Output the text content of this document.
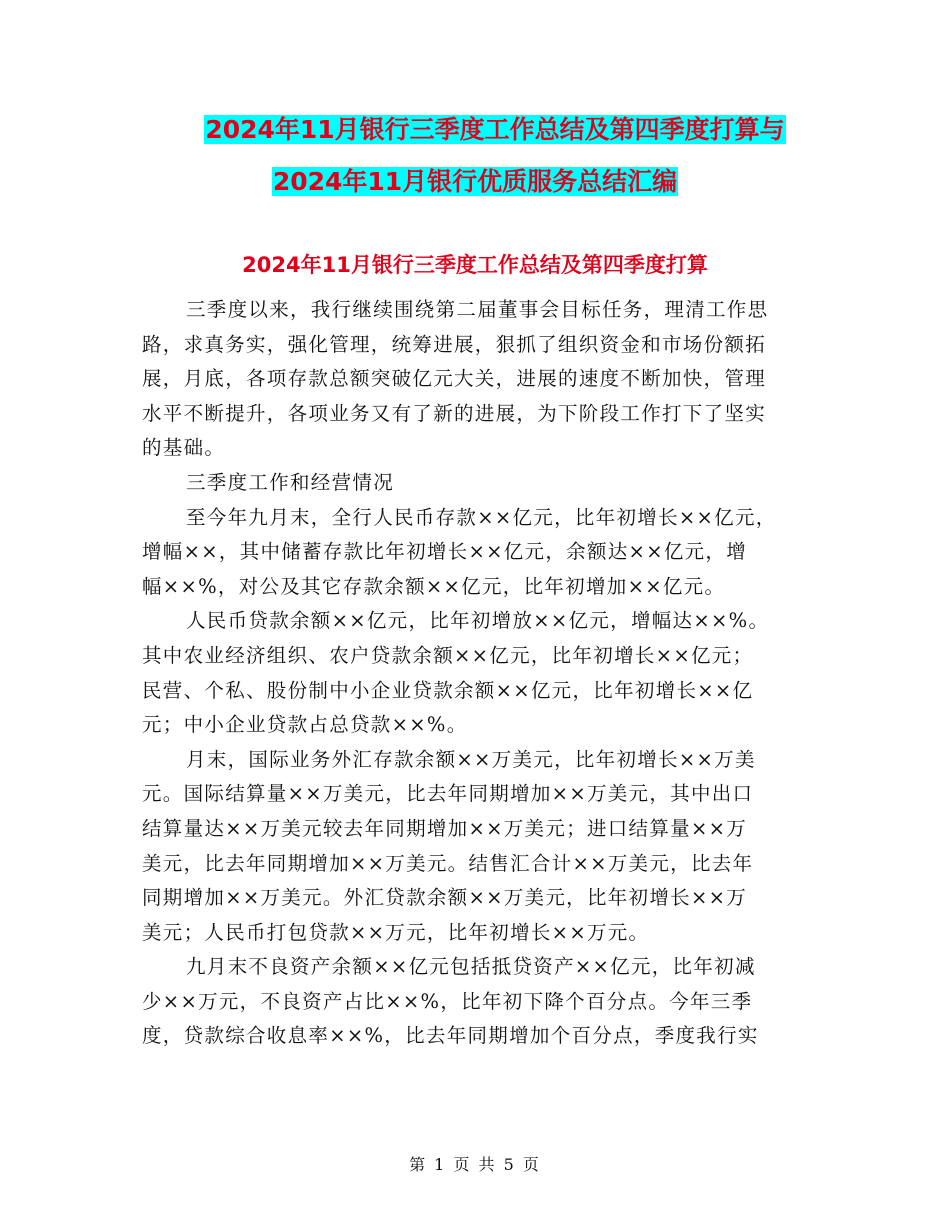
2024年11月银行三季度工作总结及第四季度打算与
2024年11月银行优质服务总结汇编
2024年11月银行三季度工作总结及第四季度打算
三季度以来，我行继续围绕第二届董事会目标任务，理清工作思
路，求真务实，强化管理，统筹进展，狠抓了组织资金和市场份额拓
展，月底，各项存款总额突破亿元大关，进展的速度不断加快，管理
水平不断提升，各项业务又有了新的进展，为下阶段工作打下了坚实
的基础。
三季度工作和经营情况
至今年九月末，全行人民币存款××亿元，比年初增长××亿元，
增幅××，其中储蓄存款比年初增长××亿元，余额达××亿元，增
幅××%，对公及其它存款余额××亿元，比年初增加××亿元。
人民币贷款余额××亿元，比年初增放××亿元，增幅达××%。
其中农业经济组织、农户贷款余额××亿元，比年初增长××亿元；
民营、个私、股份制中小企业贷款余额××亿元，比年初增长××亿
元；中小企业贷款占总贷款××%。
月末，国际业务外汇存款余额××万美元，比年初增长××万美
元。国际结算量××万美元，比去年同期增加××万美元，其中出口
结算量达××万美元较去年同期增加××万美元；进口结算量××万
美元，比去年同期增加××万美元。结售汇合计××万美元，比去年
同期增加××万美元。外汇贷款余额××万美元，比年初增长××万
美元；人民币打包贷款××万元，比年初增长××万元。
九月末不良资产余额××亿元包括抵贷资产××亿元，比年初减
少××万元，不良资产占比××%，比年初下降个百分点。今年三季
度，贷款综合收息率××%，比去年同期增加个百分点，季度我行实
第 1 页 共 5 页
